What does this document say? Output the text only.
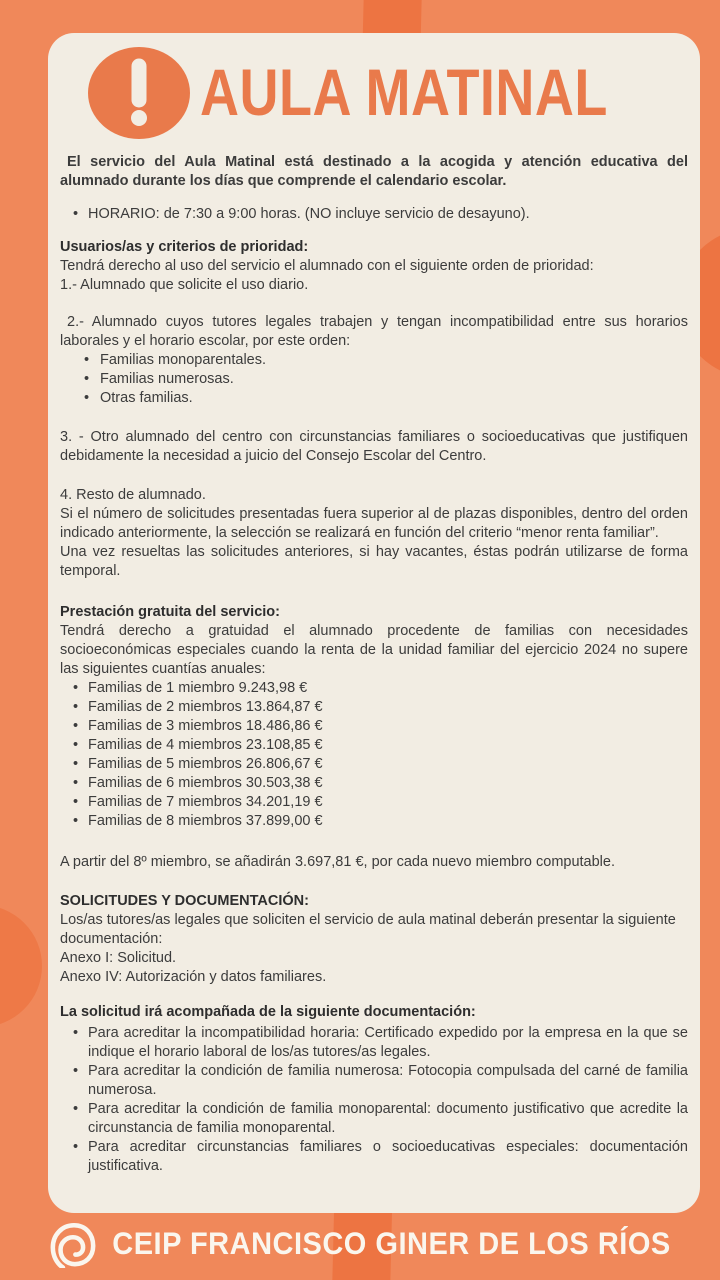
AULA MATINAL

El servicio del Aula Matinal está destinado a la acogida y atención educativa del alumnado durante los días que comprende el calendario escolar.

• HORARIO: de 7:30 a 9:00 horas. (NO incluye servicio de desayuno).

Usuarios/as y criterios de prioridad:

Tendrá derecho al uso del servicio el alumnado con el siguiente orden de prioridad:

1.- Alumnado que solicite el uso diario.

2.- Alumnado cuyos tutores legales trabajen y tengan incompatibilidad entre sus horarios laborales y el horario escolar, por este orden:

• Familias monoparentales.
• Familias numerosas.
• Otras familias.

3. - Otro alumnado del centro con circunstancias familiares o socioeducativas que justifiquen debidamente la necesidad a juicio del Consejo Escolar del Centro.

4. Resto de alumnado.

Si el número de solicitudes presentadas fuera superior al de plazas disponibles, dentro del orden indicado anteriormente, la selección se realizará en función del criterio “menor renta familiar”.

Una vez resueltas las solicitudes anteriores, si hay vacantes, éstas podrán utilizarse de forma temporal.

Prestación gratuita del servicio:

Tendrá derecho a gratuidad el alumnado procedente de familias con necesidades socioeconómicas especiales cuando la renta de la unidad familiar del ejercicio 2024 no supere las siguientes cuantías anuales:

• Familias de 1 miembro 9.243,98 €
• Familias de 2 miembros 13.864,87 €
• Familias de 3 miembros 18.486,86 €
• Familias de 4 miembros 23.108,85 €
• Familias de 5 miembros 26.806,67 €
• Familias de 6 miembros 30.503,38 €
• Familias de 7 miembros 34.201,19 €
• Familias de 8 miembros 37.899,00 €

A partir del 8º miembro, se añadirán 3.697,81 €, por cada nuevo miembro computable.

SOLICITUDES Y DOCUMENTACIÓN:

Los/as tutores/as legales que soliciten el servicio de aula matinal deberán presentar la siguiente documentación:

Anexo I: Solicitud.

Anexo IV: Autorización y datos familiares.

La solicitud irá acompañada de la siguiente documentación:

• Para acreditar la incompatibilidad horaria: Certificado expedido por la empresa en la que se indique el horario laboral de los/as tutores/as legales.
• Para acreditar la condición de familia numerosa: Fotocopia compulsada del carné de familia numerosa.
• Para acreditar la condición de familia monoparental: documento justificativo que acredite la circunstancia de familia monoparental.
• Para acreditar circunstancias familiares o socioeducativas especiales: documentación justificativa.
CEIP FRANCISCO GINER DE LOS RÍOS
